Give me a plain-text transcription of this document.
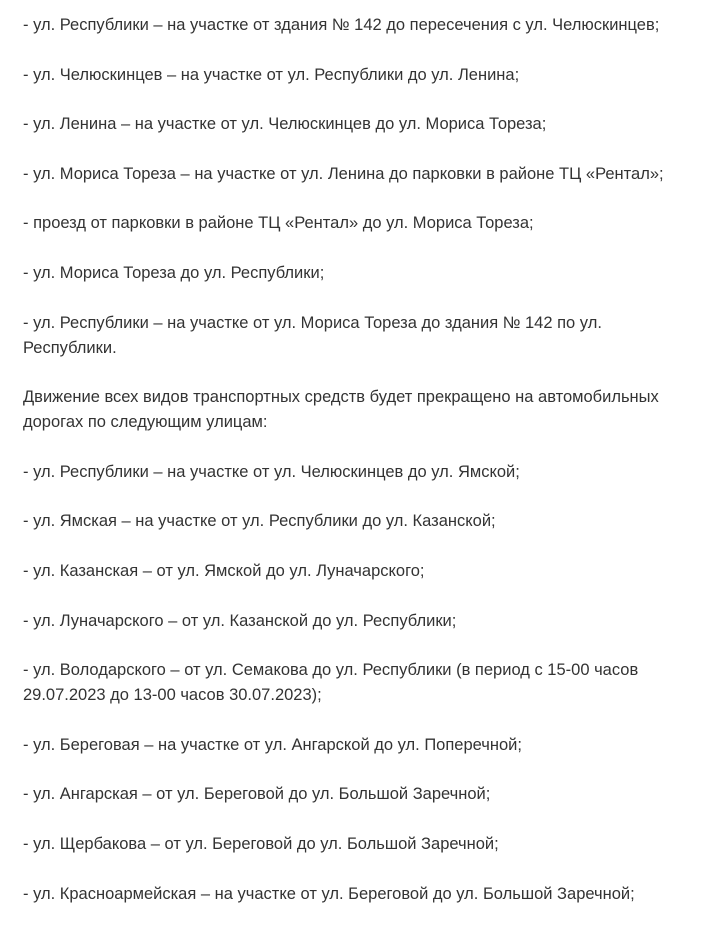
- ул. Республики – на участке от здания № 142 до пересечения с ул. Челюскинцев;

- ул. Челюскинцев – на участке от ул. Республики до ул. Ленина;

- ул. Ленина – на участке от ул. Челюскинцев до ул. Мориса Тореза;

- ул. Мориса Тореза – на участке от ул. Ленина до парковки в районе ТЦ «Рентал»;

- проезд от парковки в районе ТЦ «Рентал» до ул. Мориса Тореза;

- ул. Мориса Тореза до ул. Республики;

- ул. Республики – на участке от ул. Мориса Тореза до здания № 142 по ул. Республики.

Движение всех видов транспортных средств будет прекращено на автомобильных дорогах по следующим улицам:

- ул. Республики – на участке от ул. Челюскинцев до ул. Ямской;

- ул. Ямская – на участке от ул. Республики до ул. Казанской;

- ул. Казанская – от ул. Ямской до ул. Луначарского;

- ул. Луначарского – от ул. Казанской до ул. Республики;

- ул. Володарского – от ул. Семакова до ул. Республики (в период с 15-00 часов 29.07.2023 до 13-00 часов 30.07.2023);

- ул. Береговая – на участке от ул. Ангарской до ул. Поперечной;

- ул. Ангарская – от ул. Береговой до ул. Большой Заречной;

- ул. Щербакова – от ул. Береговой до ул. Большой Заречной;

- ул. Красноармейская – на участке от ул. Береговой до ул. Большой Заречной;
